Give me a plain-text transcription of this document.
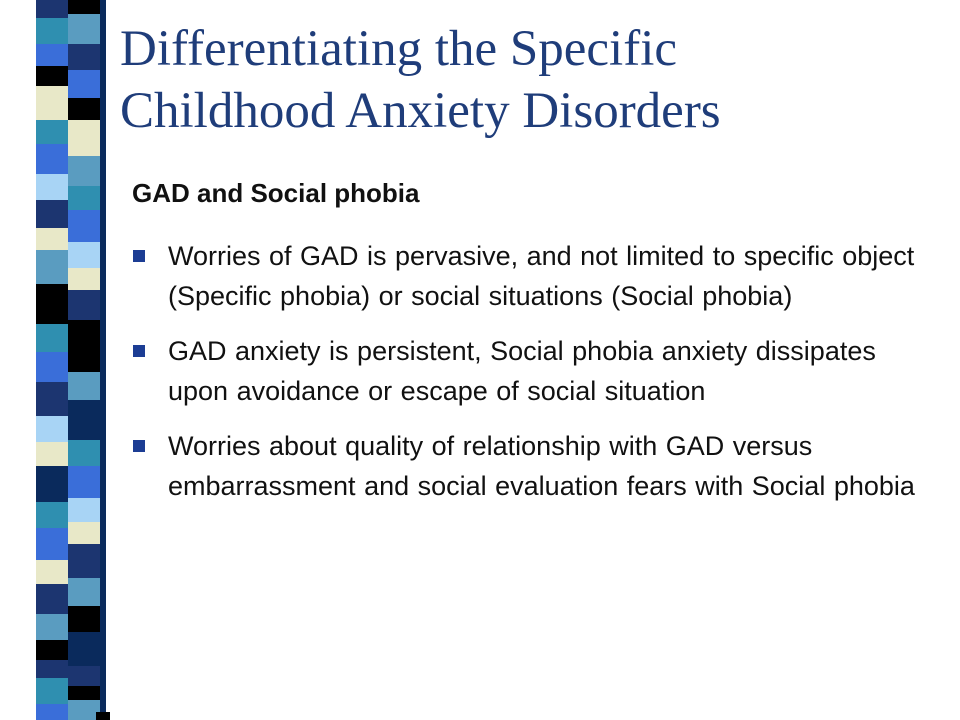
Differentiating the Specific
Childhood Anxiety Disorders
GAD and Social phobia
Worries of GAD is pervasive, and not limited to specific object (Specific phobia) or social situations (Social phobia)
GAD anxiety is persistent, Social phobia anxiety dissipates upon avoidance or escape of social situation
Worries about quality of relationship with GAD versus embarrassment and social evaluation fears with Social phobia
